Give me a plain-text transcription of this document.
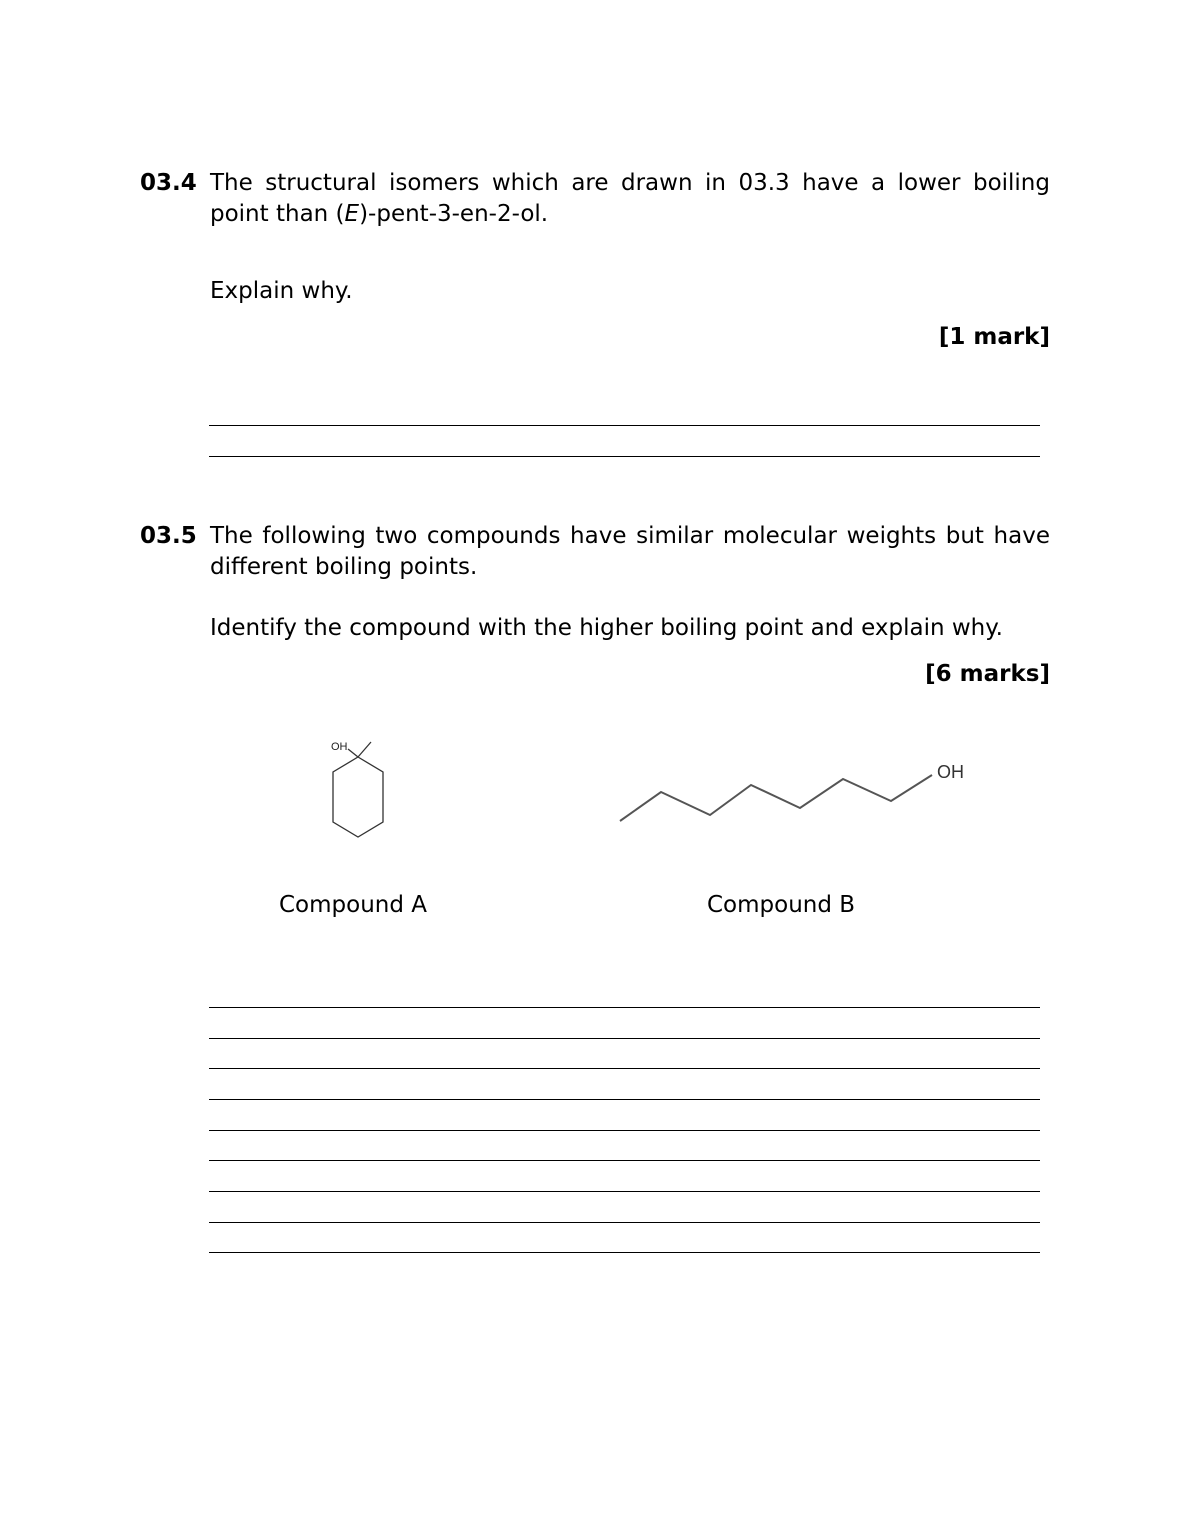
03.4 The structural isomers which are drawn in 03.3 have a lower boiling point than (E)-pent-3-en-2-ol.
Explain why.
[1 mark]
03.5 The following two compounds have similar molecular weights but have different boiling points.
Identify the compound with the higher boiling point and explain why.
[6 marks]
OH
OH
Compound A	Compound B
